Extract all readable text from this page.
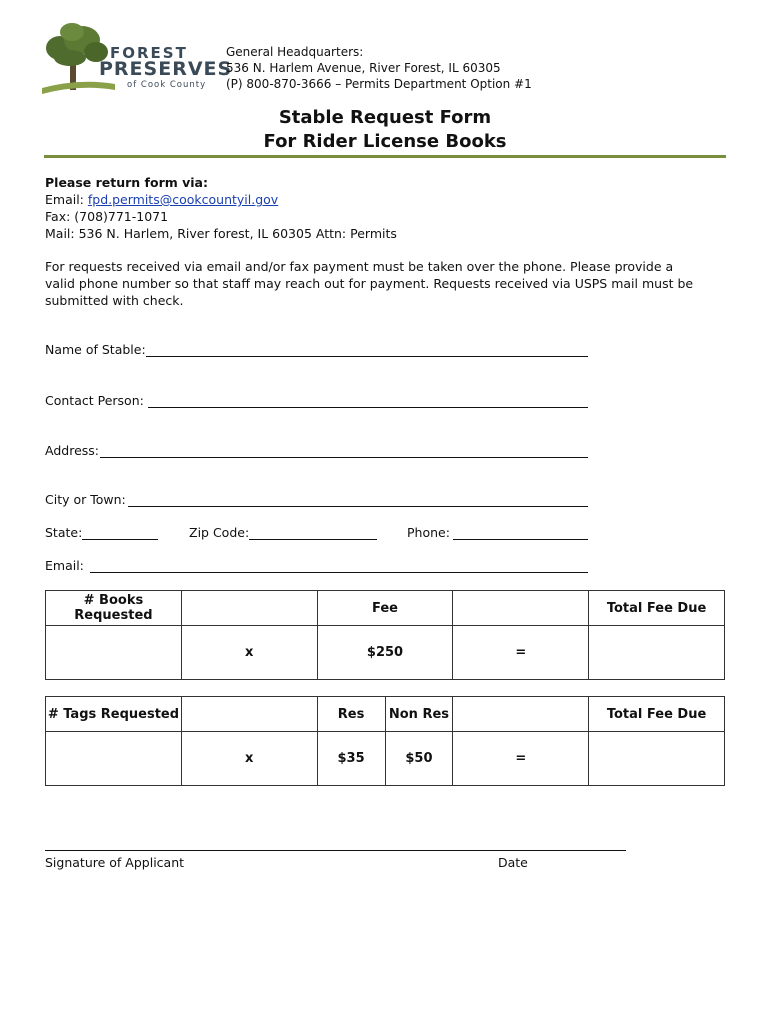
FOREST
PRESERVES
of Cook County
General Headquarters:
536 N. Harlem Avenue, River Forest, IL 60305
(P) 800-870-3666 – Permits Department Option #1
Stable Request Form
For Rider License Books
Please return form via:
Email: fpd.permits@cookcountyil.gov
Fax: (708)771-1071
Mail: 536 N. Harlem, River forest, IL 60305 Attn: Permits
For requests received via email and/or fax payment must be taken over the phone. Please provide a
valid phone number so that staff may reach out for payment. Requests received via USPS mail must be
submitted with check.
Name of Stable:
Contact Person:
Address:
City or Town:
State:	Zip Code:	Phone:
Email:
# Books Requested		Fee		Total Fee Due
	x	$250	=	
# Tags Requested		Res	Non Res		Total Fee Due
	x	$35	$50	=	
Signature of Applicant	Date
